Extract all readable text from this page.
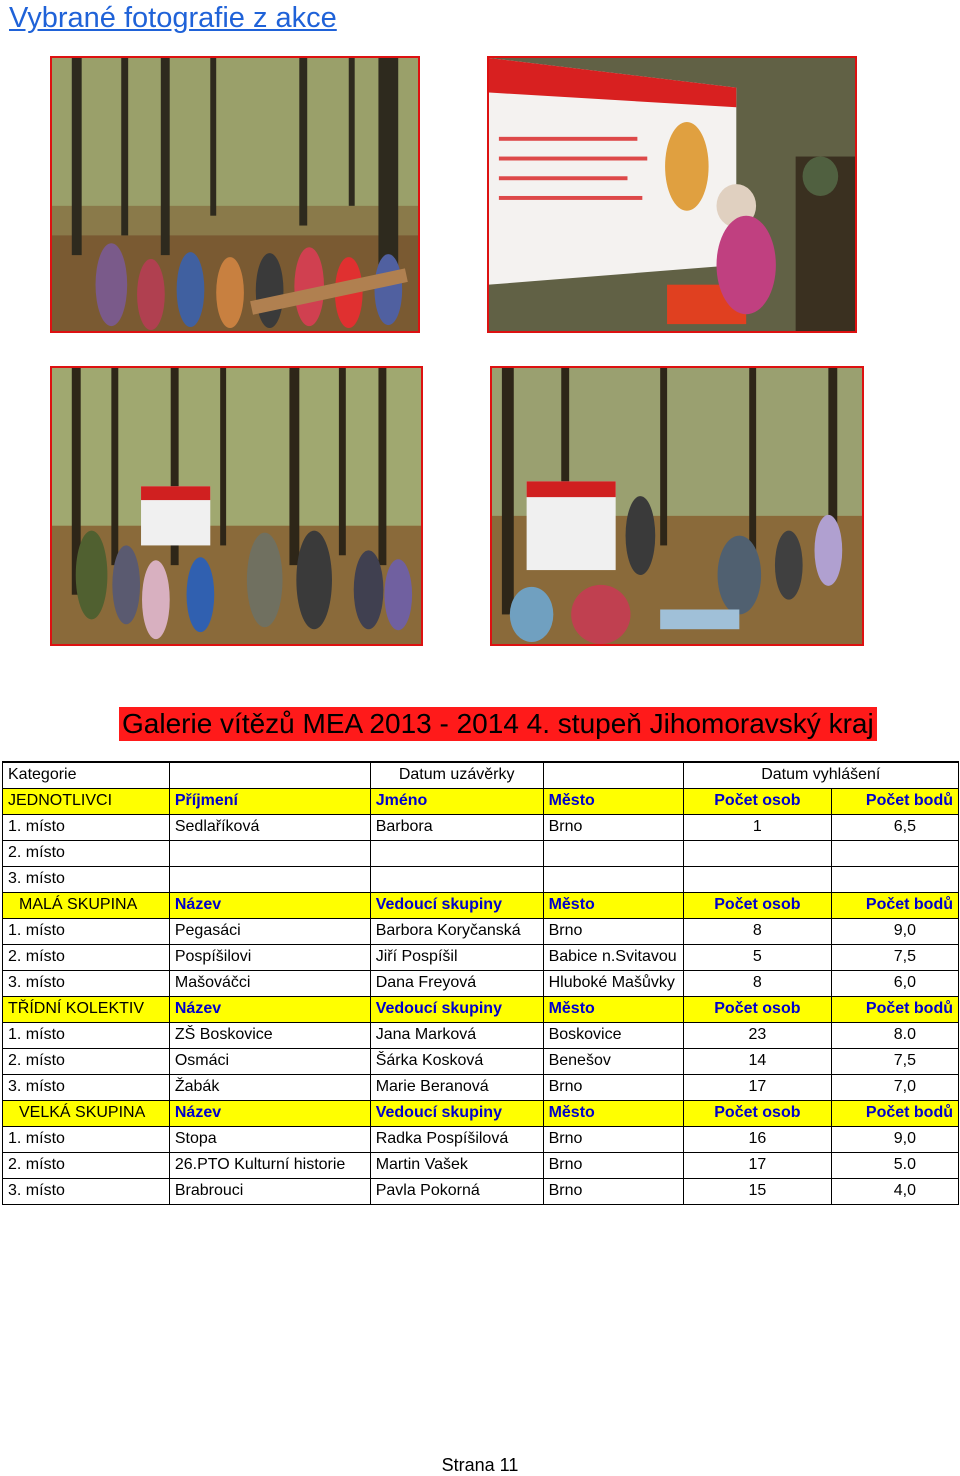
Vybrané fotografie z akce
Galerie vítězů MEA 2013 - 2014 4. stupeň Jihomoravský kraj
Kategorie		Datum uzávěrky		Datum vyhlášení	
JEDNOTLIVCI	Příjmení	Jméno	Město	Počet osob	Počet bodů
1. místo	Sedlaříková	Barbora	Brno	1	6,5
2. místo					
3. místo					
MALÁ SKUPINA	Název	Vedoucí skupiny	Město	Počet osob	Počet bodů
1. místo	Pegasáci	Barbora Koryčanská	Brno	8	9,0
2. místo	Pospíšilovi	Jiří Pospíšil	Babice n.Svitavou	5	7,5
3. místo	Mašováčci	Dana Freyová	Hluboké Mašůvky	8	6,0
TŘÍDNÍ KOLEKTIV	Název	Vedoucí skupiny	Město	Počet osob	Počet bodů
1. místo	ZŠ Boskovice	Jana Marková	Boskovice	23	8.0
2. místo	Osmáci	Šárka Kosková	Benešov	14	7,5
3. místo	Žabák	Marie Beranová	Brno	17	7,0
VELKÁ SKUPINA	Název	Vedoucí skupiny	Město	Počet osob	Počet bodů
1. místo	Stopa	Radka Pospíšilová	Brno	16	9,0
2. místo	26.PTO Kulturní historie	Martin Vašek	Brno	17	5.0
3. místo	Brabrouci	Pavla Pokorná	Brno	15	4,0
Strana 11
